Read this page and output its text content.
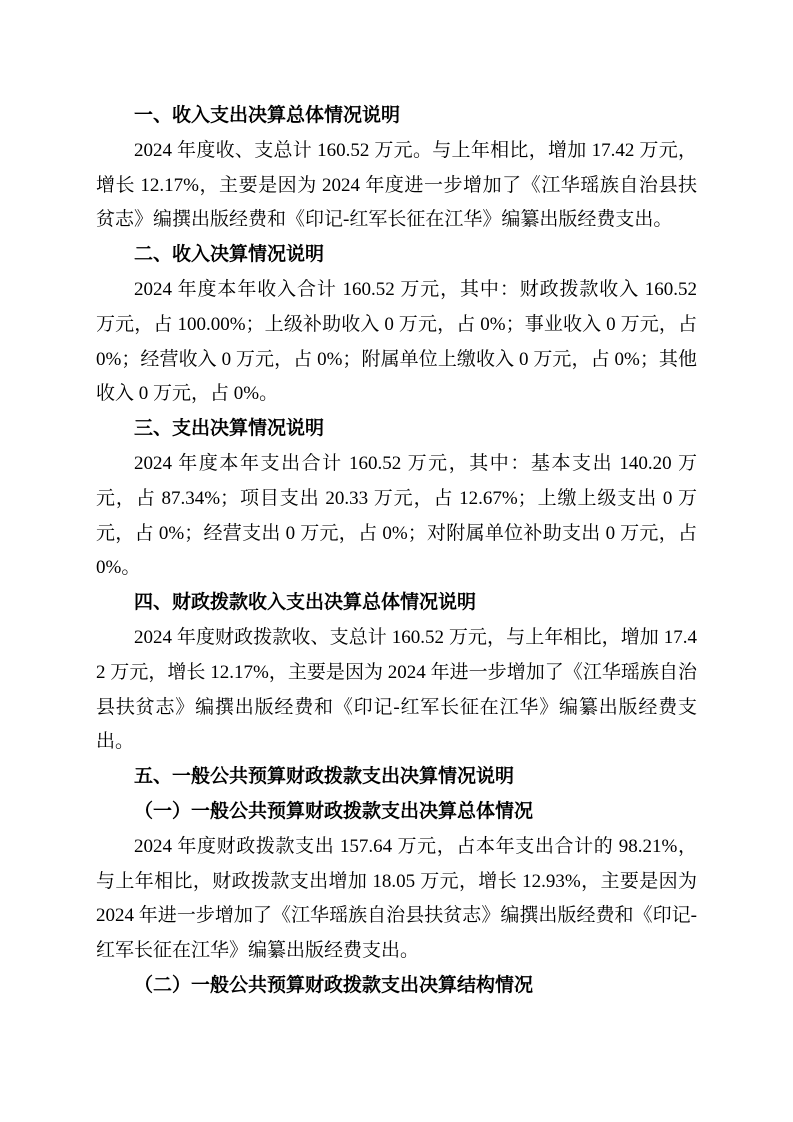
一、收入支出决算总体情况说明

2024 年度收、支总计 160.52 万元。与上年相比，增加 17.42 万元，增长 12.17%，主要是因为 2024 年度进一步增加了《江华瑶族自治县扶贫志》编撰出版经费和《印记-红军长征在江华》编纂出版经费支出。

二、收入决算情况说明

2024 年度本年收入合计 160.52 万元，其中：财政拨款收入 160.52 万元，占 100.00%；上级补助收入 0 万元，占 0%；事业收入 0 万元，占 0%；经营收入 0 万元，占 0%；附属单位上缴收入 0 万元，占 0%；其他收入 0 万元，占 0%。

三、支出决算情况说明

2024 年度本年支出合计 160.52 万元，其中：基本支出 140.20 万元，占 87.34%；项目支出 20.33 万元，占 12.67%；上缴上级支出 0 万元，占 0%；经营支出 0 万元，占 0%；对附属单位补助支出 0 万元，占 0%。

四、财政拨款收入支出决算总体情况说明

2024 年度财政拨款收、支总计 160.52 万元，与上年相比，增加 17.42 万元，增长 12.17%，主要是因为 2024 年进一步增加了《江华瑶族自治县扶贫志》编撰出版经费和《印记-红军长征在江华》编纂出版经费支出。

五、一般公共预算财政拨款支出决算情况说明
（一）一般公共预算财政拨款支出决算总体情况

2024 年度财政拨款支出 157.64 万元，占本年支出合计的 98.21%，与上年相比，财政拨款支出增加 18.05 万元，增长 12.93%，主要是因为 2024 年进一步增加了《江华瑶族自治县扶贫志》编撰出版经费和《印记-红军长征在江华》编纂出版经费支出。

（二）一般公共预算财政拨款支出决算结构情况
